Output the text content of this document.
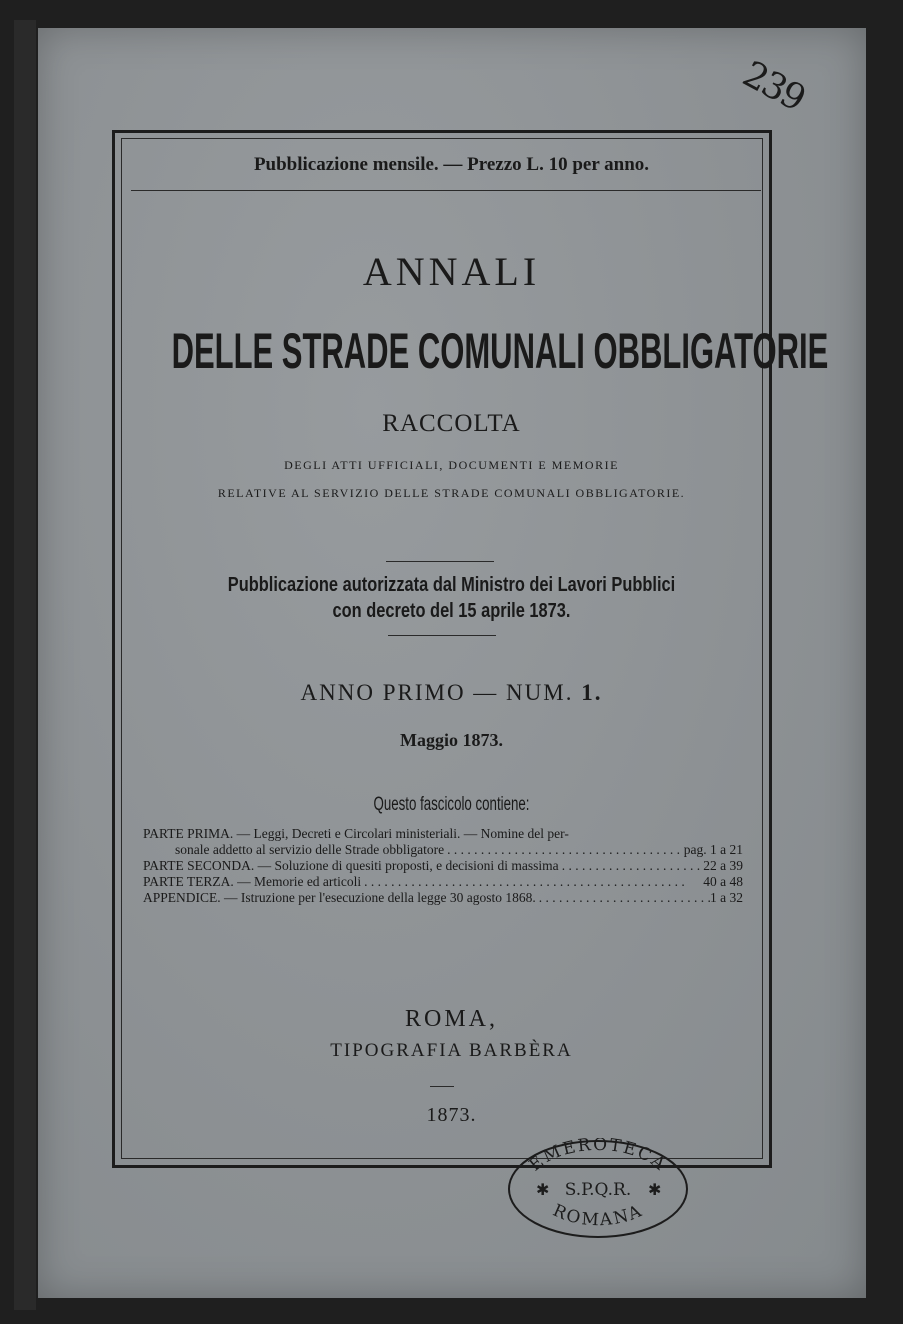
239
Pubblicazione mensile. — Prezzo L. 10 per anno.
ANNALI
DELLE STRADE COMUNALI OBBLIGATORIE
RACCOLTA
DEGLI ATTI UFFICIALI, DOCUMENTI E MEMORIE
RELATIVE AL SERVIZIO DELLE STRADE COMUNALI OBBLIGATORIE.
Pubblicazione autorizzata dal Ministro dei Lavori Pubblici
con decreto del 15 aprile 1873.
ANNO PRIMO — NUM. 1.
Maggio 1873.
Questo fascicolo contiene:
PARTE PRIMA. — Leggi, Decreti e Circolari ministeriali. — Nomine del per-
sonale addetto al servizio delle Strade obbligatore . . .	pag. 1 a 21
PARTE SECONDA. — Soluzione di quesiti proposti, e decisioni di massima . . .	22 a 39
PARTE TERZA. — Memorie ed articoli . . .	40 a 48
APPENDICE. — Istruzione per l'esecuzione della legge 30 agosto 1868. . . .	1 a 32
ROMA,
TIPOGRAFIA BARBÈRA
1873.
EMEROTECA
✱ S.P.Q.R. ✱
ROMANA
